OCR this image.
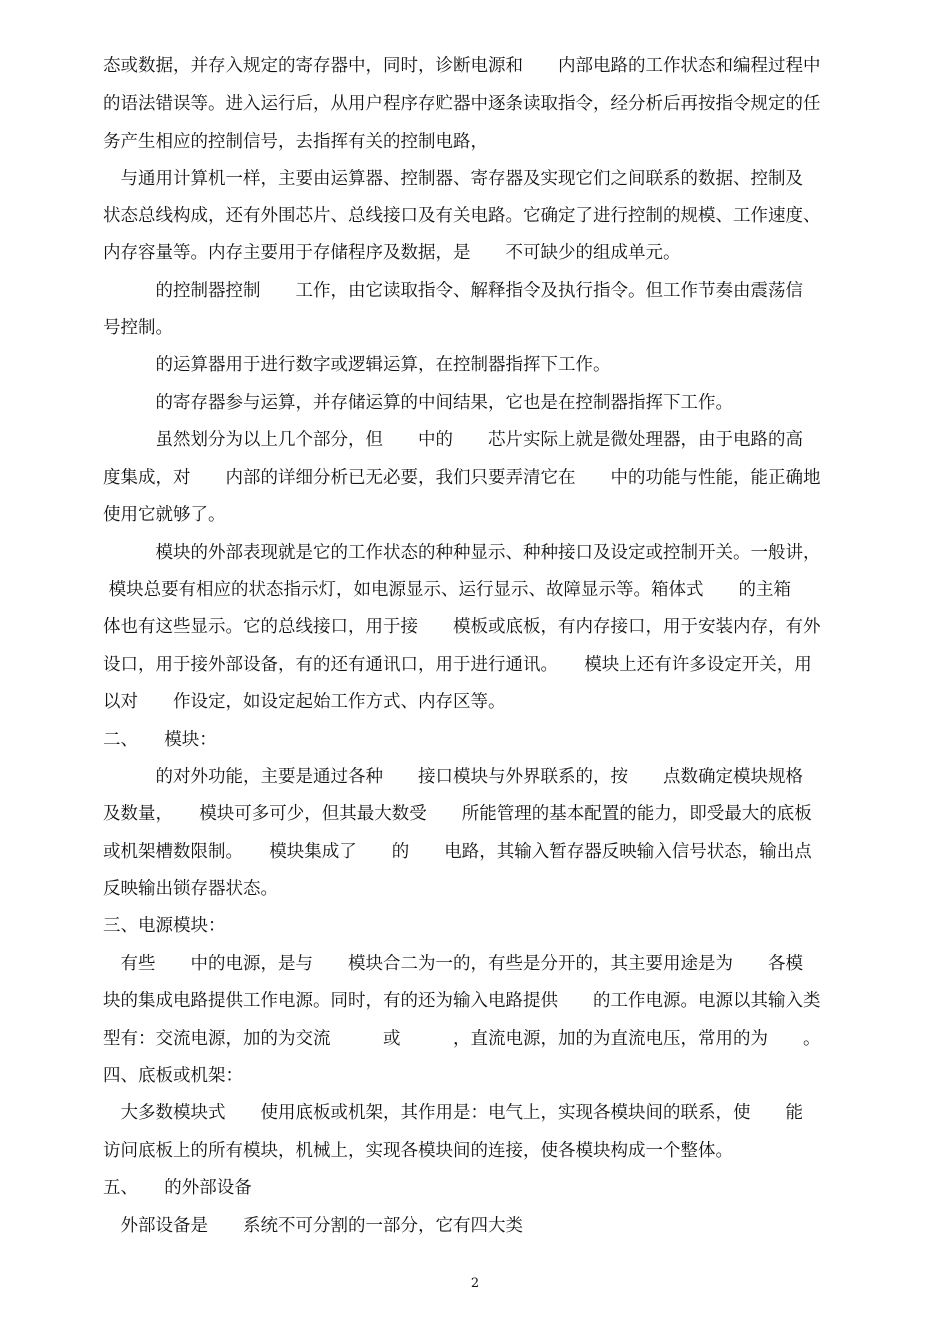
态或数据，并存入规定的寄存器中，同时，诊断电源和　　内部电路的工作状态和编程过程中
的语法错误等。进入运行后，从用户程序存贮器中逐条读取指令，经分析后再按指令规定的任
务产生相应的控制信号，去指挥有关的控制电路，
　与通用计算机一样，主要由运算器、控制器、寄存器及实现它们之间联系的数据、控制及
状态总线构成，还有外围芯片、总线接口及有关电路。它确定了进行控制的规模、工作速度、
内存容量等。内存主要用于存储程序及数据，是　　不可缺少的组成单元。
　　　的控制器控制　　工作，由它读取指令、解释指令及执行指令。但工作节奏由震荡信
号控制。
　　　的运算器用于进行数字或逻辑运算，在控制器指挥下工作。
　　　的寄存器参与运算，并存储运算的中间结果，它也是在控制器指挥下工作。
　　　虽然划分为以上几个部分，但　　中的　　芯片实际上就是微处理器，由于电路的高
度集成，对　　内部的详细分析已无必要，我们只要弄清它在　　中的功能与性能，能正确地
使用它就够了。
　　　模块的外部表现就是它的工作状态的种种显示、种种接口及设定或控制开关。一般讲，
模块总要有相应的状态指示灯，如电源显示、运行显示、故障显示等。箱体式　　的主箱
体也有这些显示。它的总线接口，用于接　　模板或底板，有内存接口，用于安装内存，有外
设口，用于接外部设备，有的还有通讯口，用于进行通讯。　　模块上还有许多设定开关，用
以对　　作设定，如设定起始工作方式、内存区等。
二、　　模块：
　　　的对外功能，主要是通过各种　　接口模块与外界联系的，按　　点数确定模块规格
及数量，　　模块可多可少，但其最大数受　　所能管理的基本配置的能力，即受最大的底板
或机架槽数限制。　　模块集成了　　的　　电路，其输入暂存器反映输入信号状态，输出点
反映输出锁存器状态。
三、电源模块：
　有些　　中的电源，是与　　模块合二为一的，有些是分开的，其主要用途是为　　各模
块的集成电路提供工作电源。同时，有的还为输入电路提供　　的工作电源。电源以其输入类
型有：交流电源，加的为交流　　　或　　　，直流电源，加的为直流电压，常用的为　　。
四、底板或机架：
　大多数模块式　　使用底板或机架，其作用是：电气上，实现各模块间的联系，使　　能
访问底板上的所有模块，机械上，实现各模块间的连接，使各模块构成一个整体。
五、　　的外部设备
　外部设备是　　系统不可分割的一部分，它有四大类
2
